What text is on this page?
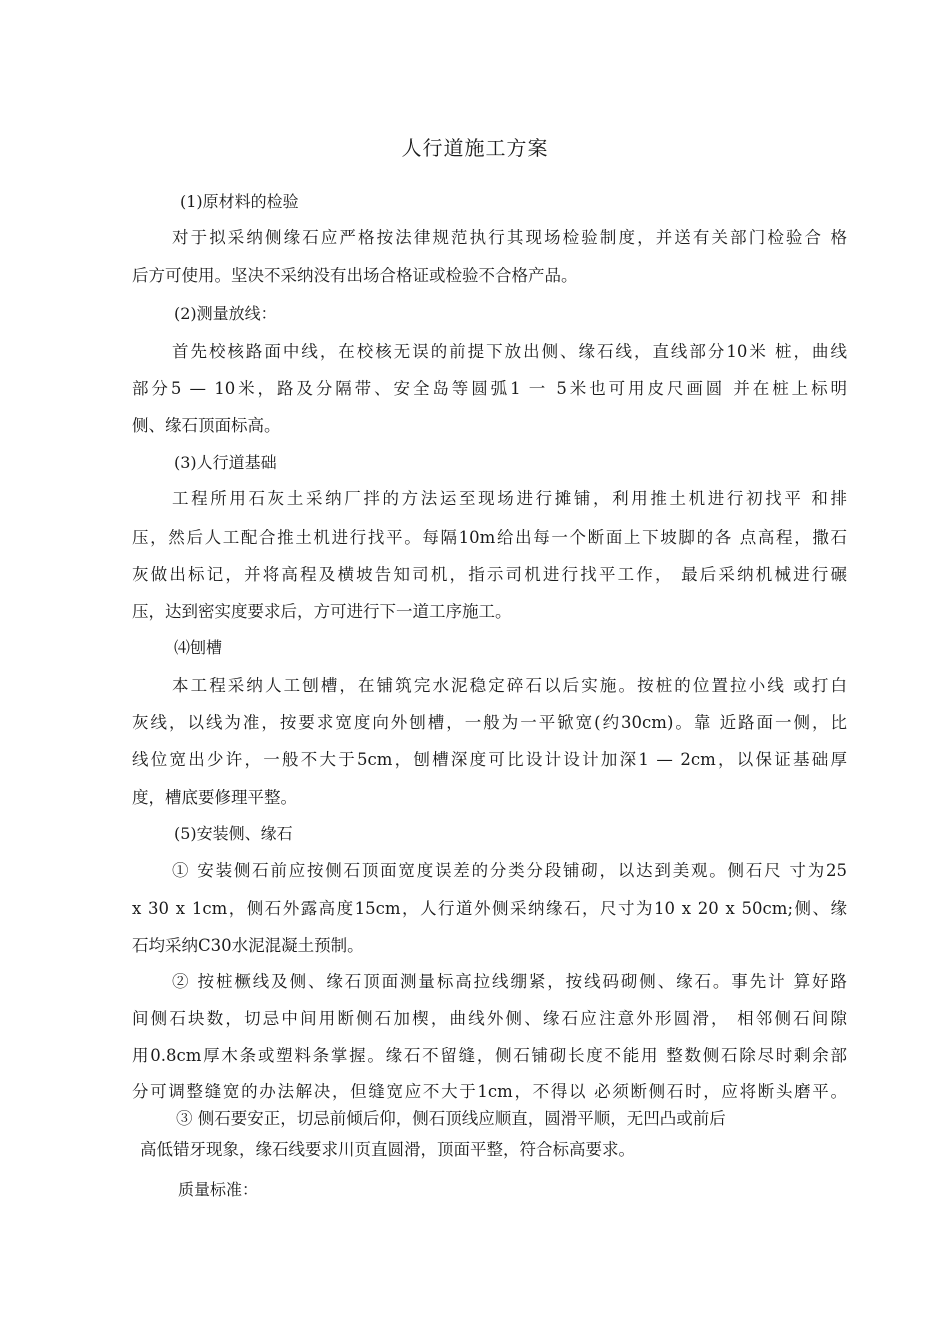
人行道施工方案
(1)原材料的检验
对于拟采纳侧缘石应严格按法律规范执行其现场检验制度，并送有关部门检验合 格
后方可使用。坚决不采纳没有出场合格证或检验不合格产品。
(2)测量放线：
首先校核路面中线，在校核无误的前提下放出侧、缘石线，直线部分10米 桩，曲线
部分5 — 10米，路及分隔带、安全岛等圆弧1 一 5米也可用皮尺画圆 并在桩上标明
侧、缘石顶面标高。
(3)人行道基础
工程所用石灰土采纳厂拌的方法运至现场进行摊铺，利用推土机进行初找平 和排
压，然后人工配合推土机进行找平。每隔10m给出每一个断面上下坡脚的各 点高程，撒石
灰做出标记，并将高程及横坡告知司机，指示司机进行找平工作， 最后采纳机械进行碾
压，达到密实度要求后，方可进行下一道工序施工。
⑷刨槽
本工程采纳人工刨槽，在铺筑完水泥稳定碎石以后实施。按桩的位置拉小线 或打白
灰线，以线为准，按要求宽度向外刨槽，一般为一平锨宽(约30cm)。靠 近路面一侧，比
线位宽出少许，一般不大于5cm，刨槽深度可比设计设计加深1 — 2cm，以保证基础厚
度，槽底要修理平整。
(5)安装侧、缘石
① 安装侧石前应按侧石顶面宽度误差的分类分段铺砌，以达到美观。侧石尺 寸为25
x 30 x 1cm，侧石外露高度15cm，人行道外侧采纳缘石，尺寸为10 x 20 x 50cm;侧、缘
石均采纳C30水泥混凝土预制。
② 按桩橛线及侧、缘石顶面测量标高拉线绷紧，按线码砌侧、缘石。事先计 算好路
间侧石块数，切忌中间用断侧石加楔，曲线外侧、缘石应注意外形圆滑， 相邻侧石间隙
用0.8cm厚木条或塑料条掌握。缘石不留缝，侧石铺砌长度不能用 整数侧石除尽时剩余部
分可调整缝宽的办法解决，但缝宽应不大于1cm，不得以 必须断侧石时，应将断头磨平。
③ 侧石要安正，切忌前倾后仰，侧石顶线应顺直，圆滑平顺，无凹凸或前后
高低错牙现象，缘石线要求川页直圆滑，顶面平整，符合标高要求。
质量标准：
